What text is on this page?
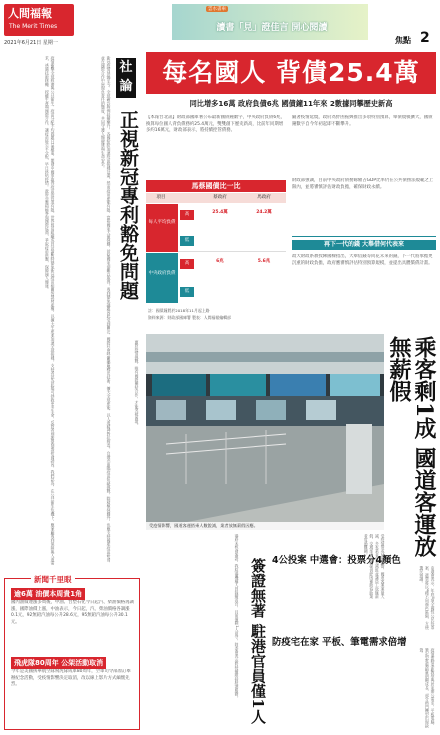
人間福報
The Merit Times
2021年6月21日 星期一
雲水書車
讀書「見」證佳言 開心閱讀
焦點 2
疫情衝擊全球經濟與公共衛生，疫苗分配不均問題日益嚴重，開發中國家取得疫苗的管道有限。世界貿易組織成員討論暫時豁免新冠疫苗相關智慧財產權，以擴大生產並加速全球接種。支持者認為此舉可拯救更多生命，反對者則擔憂削弱研發誘因。我們認為，在公共衛生危機下，應兼顧專利保障與人道需求，透過技術移轉、授權生產與國際合作，讓疫苗能公平分配，早日終結疫情。政府亦應積極參與國際協商，爭取疫苗供應，保障國人健康。	新冠疫情延燒至今，全球確診病例持續攀升，各國紛紛加速疫苗接種計畫。然而疫苗產能有限，富裕國家大量採購，貧窮國家卻難以取得。專利豁免議題因此受到關注，國際社會呼籲藥廠釋出技術，擴大全球產能，以人道精神對抗病毒。台灣亦面臨疫苗短缺挑戰，除積極採購外，也應支持國產疫苗研發，並在國際合作中展現負責任的態度，共同守護人類健康與生命安全。	社
論
正視新冠專利豁免問題
面對疫情挑戰，唯有國際團結合作，才能突破困境。
新聞千里眼
逾6萬 油價本周貴1角
國內油價連漲多周後，中油、台塑石化今日起汽、柴油價格再調漲，國際油價上漲，中油表示，今日起，汽、柴油價格各調漲0.1元，92無鉛汽油每公升28.6元，95無鉛汽油每公升30.1元。
飛虎隊80周年 公架活動取消
今年是美國援華航空隊飛虎隊成軍80周年，空軍司令部原訂舉辦紀念活動，受疫情影響決定取消，改以線上影片方式緬懷先烈。
每名國人 背債25.4萬
同比增多16萬 政府負債6兆 國債鐘11年來 2數據同攀歷史新高
【本報台北訊】財政部國庫署公布最新國債鐘數字，中央政府負債6兆，換算每位國人背負債務約25.4萬元，雙雙創下歷史新高，比前年同期增多約16萬元，財政部表示，將持續控管債務。
隨著疫情延燒，政府為紓困振興推出多項特別預算，舉債規模擴大，國債鐘數字自今年初起即不斷攀升。
財政部強調，目前中央政府債務餘額占GDP比率仍在公共債務法規範之上限內，並將審慎評估財政負擔，確保財政永續。
馬蔡國債比一比
項目	蔡政府	馬政府
每人平均負債
高
低
25.4萬	24.2萬
中央政府負債
高
低
6兆	5.6兆
註：國債鐘將於2018年11月起上路
資料來源：財政部國庫署 製表：人間福報編輯部
再下一代的錢 大舉借何代表來
政大財政系教授陳國樑指出，大舉借錢等同花未來的錢，下一代將承擔更沉重的財政負擔，政府應審慎評估特別預算規模，並提出具體償債計畫。
受疫情影響，國道客運搭乘人數銳減，業者放無薪假因應。	乘客剩1成 國道客運放無薪假
受疫情警戒延長影響，國道客運運量大減，多家業者宣布減班並讓員工放無薪假，交通部表示將提供紓困補助協助業者度過難關。
簽證無著 駐港官員僅1人
港府未核發簽證，我駐港機構人員陸續返台，目前僅剩1人留守，陸委會表示將持續維持駐港服務。	4公投案 中選會：投票分4顏色
中選會表示，年底4項全國性公民投票案，選票將以4種不同顏色區隔，方便選民辨識。
防疫宅在家 平板、筆電需求倍增
疫情帶動遠距教學與居家辦公需求，平板電腦、筆記型電腦銷量明顯成長，部分熱門機型出現缺貨。
